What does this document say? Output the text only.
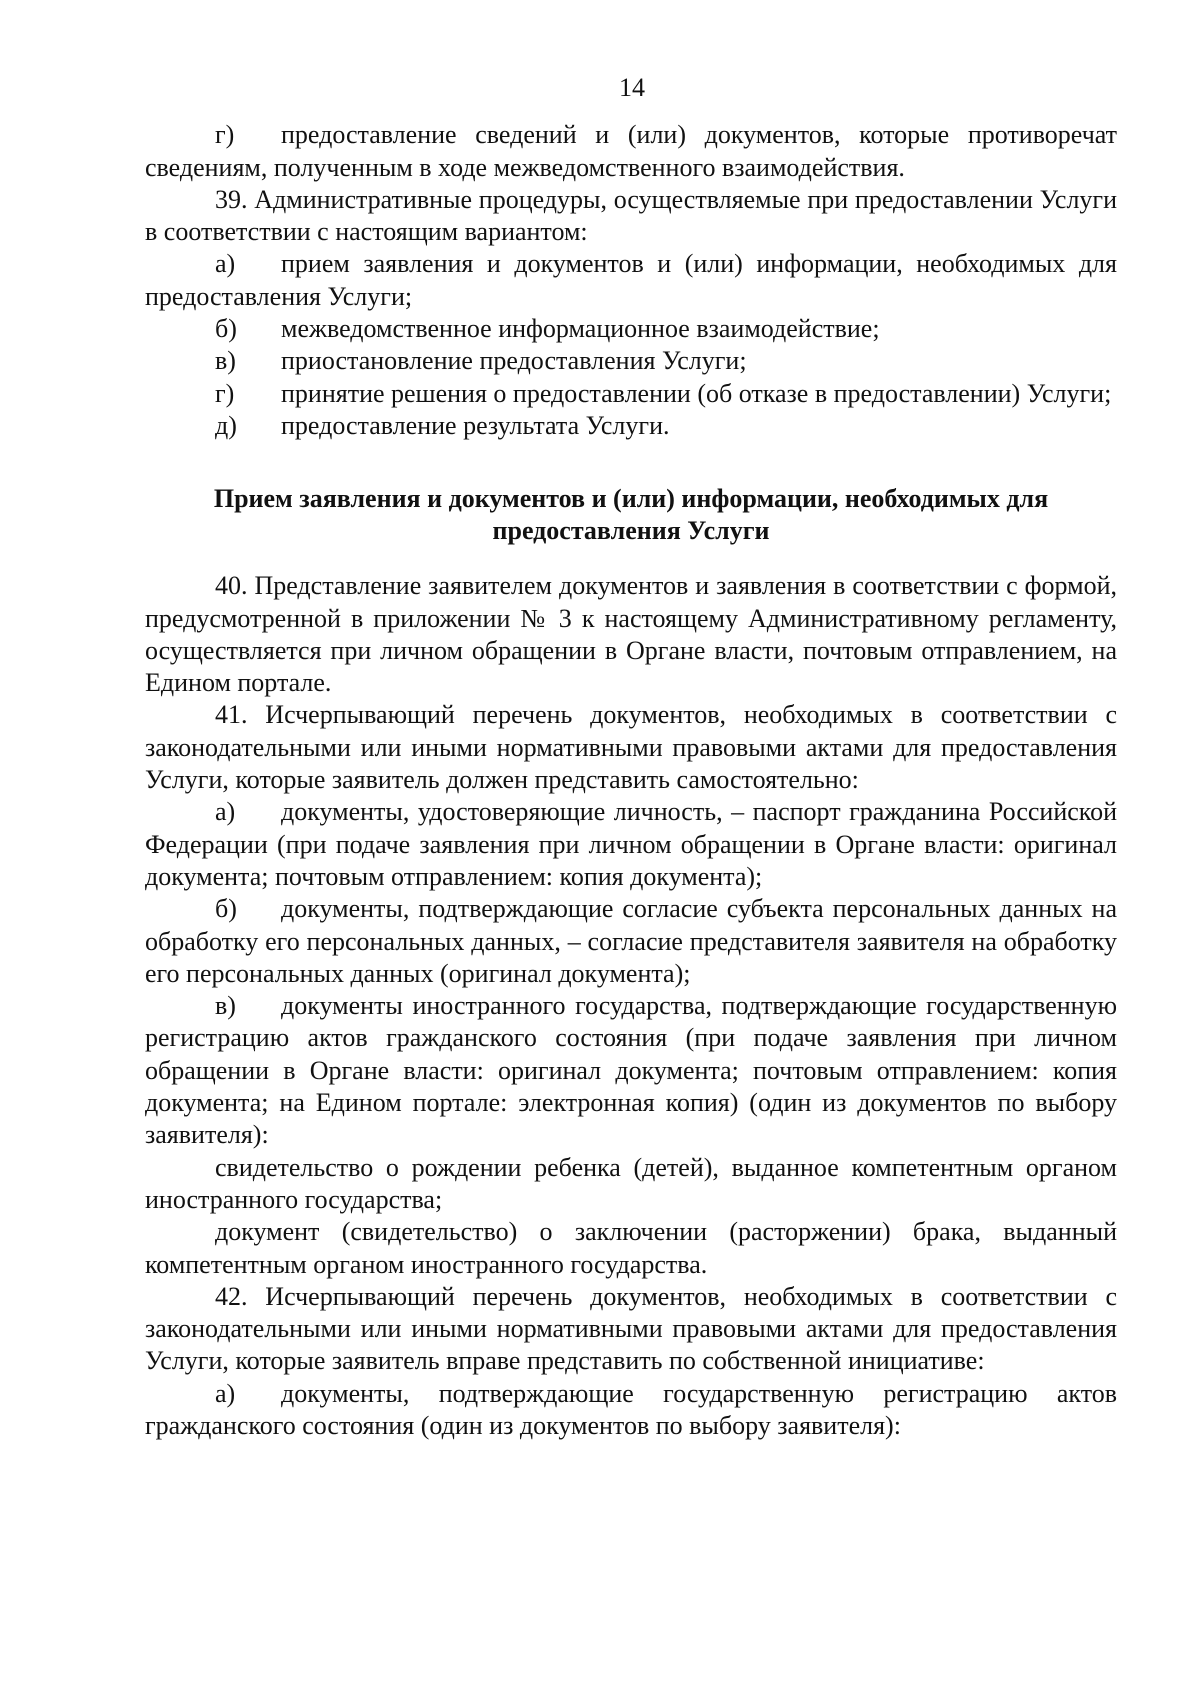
14

г) предоставление сведений и (или) документов, которые противоречат сведениям, полученным в ходе межведомственного взаимодействия.

39. Административные процедуры, осуществляемые при предоставлении Услуги в соответствии с настоящим вариантом:

а) прием заявления и документов и (или) информации, необходимых для предоставления Услуги;

б) межведомственное информационное взаимодействие;

в) приостановление предоставления Услуги;

г) принятие решения о предоставлении (об отказе в предоставлении) Услуги;

д) предоставление результата Услуги.

Прием заявления и документов и (или) информации, необходимых для
предоставления Услуги

40. Представление заявителем документов и заявления в соответствии с формой, предусмотренной в приложении № 3 к настоящему Административному регламенту, осуществляется при личном обращении в Органе власти, почтовым отправлением, на Едином портале.

41. Исчерпывающий перечень документов, необходимых в соответствии с законодательными или иными нормативными правовыми актами для предоставления Услуги, которые заявитель должен представить самостоятельно:

а) документы, удостоверяющие личность, – паспорт гражданина Российской Федерации (при подаче заявления при личном обращении в Органе власти: оригинал документа; почтовым отправлением: копия документа);

б) документы, подтверждающие согласие субъекта персональных данных на обработку его персональных данных, – согласие представителя заявителя на обработку его персональных данных (оригинал документа);

в) документы иностранного государства, подтверждающие государственную регистрацию актов гражданского состояния (при подаче заявления при личном обращении в Органе власти: оригинал документа; почтовым отправлением: копия документа; на Едином портале: электронная копия) (один из документов по выбору заявителя):

свидетельство о рождении ребенка (детей), выданное компетентным органом иностранного государства;

документ (свидетельство) о заключении (расторжении) брака, выданный компетентным органом иностранного государства.

42. Исчерпывающий перечень документов, необходимых в соответствии с законодательными или иными нормативными правовыми актами для предоставления Услуги, которые заявитель вправе представить по собственной инициативе:

а) документы, подтверждающие государственную регистрацию актов гражданского состояния (один из документов по выбору заявителя):
